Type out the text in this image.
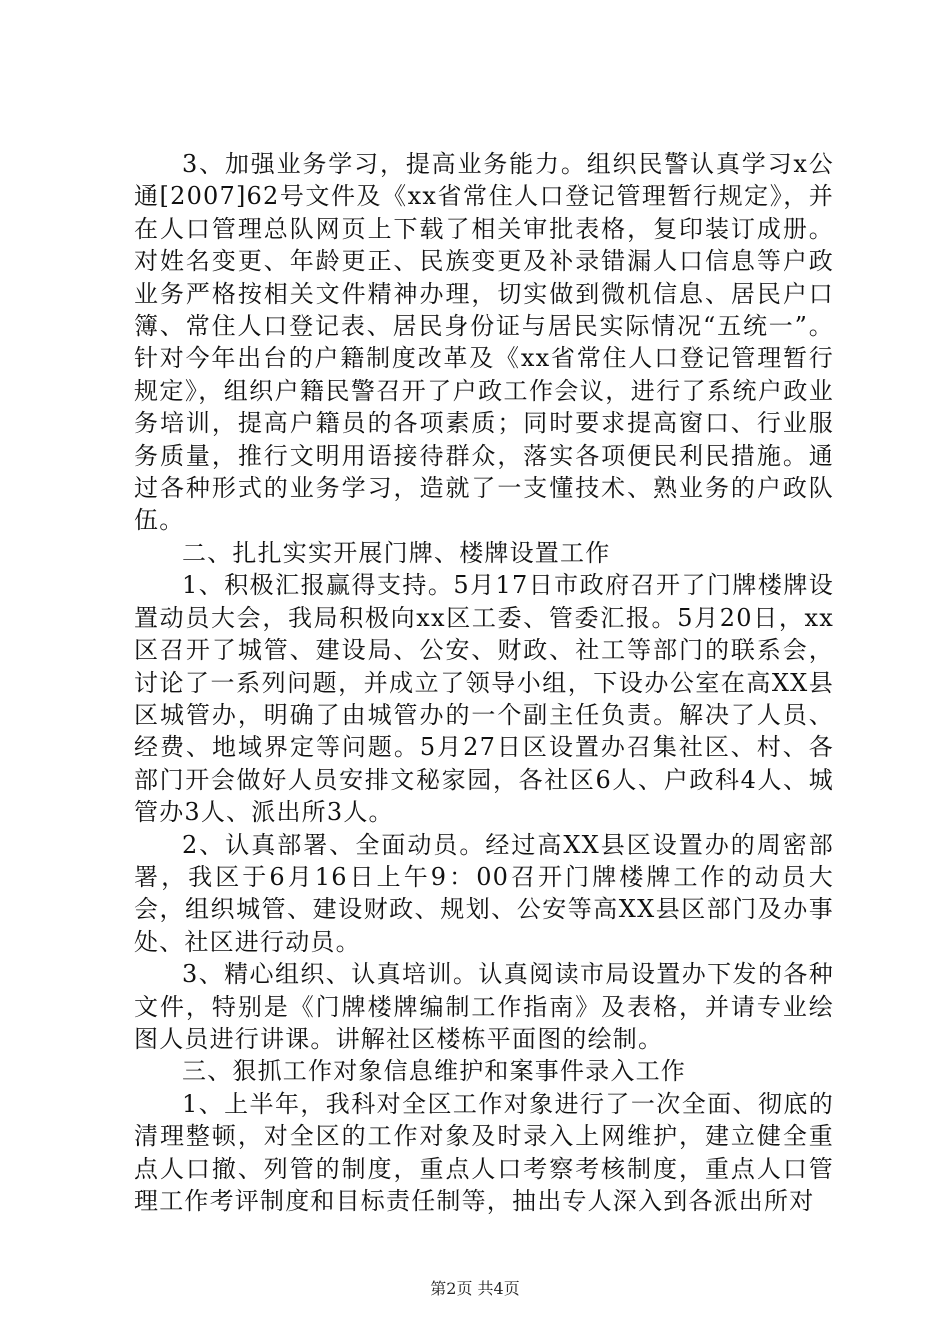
3、加强业务学习，提高业务能力。组织民警认真学习x公通[2007]62号文件及《xx省常住人口登记管理暂行规定》，并在人口管理总队网页上下载了相关审批表格，复印装订成册。对姓名变更、年龄更正、民族变更及补录错漏人口信息等户政业务严格按相关文件精神办理，切实做到微机信息、居民户口簿、常住人口登记表、居民身份证与居民实际情况“五统一”。针对今年出台的户籍制度改革及《xx省常住人口登记管理暂行规定》，组织户籍民警召开了户政工作会议，进行了系统户政业务培训，提高户籍员的各项素质；同时要求提高窗口、行业服务质量，推行文明用语接待群众，落实各项便民利民措施。通过各种形式的业务学习，造就了一支懂技术、熟业务的户政队伍。

二、扎扎实实开展门牌、楼牌设置工作

1、积极汇报赢得支持。5月17日市政府召开了门牌楼牌设置动员大会，我局积极向xx区工委、管委汇报。5月20日，xx区召开了城管、建设局、公安、财政、社工等部门的联系会，讨论了一系列问题，并成立了领导小组，下设办公室在高XX县区城管办，明确了由城管办的一个副主任负责。解决了人员、经费、地域界定等问题。5月27日区设置办召集社区、村、各部门开会做好人员安排文秘家园，各社区6人、户政科4人、城管办3人、派出所3人。

2、认真部署、全面动员。经过高XX县区设置办的周密部署，我区于6月16日上午9：00召开门牌楼牌工作的动员大会，组织城管、建设财政、规划、公安等高XX县区部门及办事处、社区进行动员。

3、精心组织、认真培训。认真阅读市局设置办下发的各种文件，特别是《门牌楼牌编制工作指南》及表格，并请专业绘图人员进行讲课。讲解社区楼栋平面图的绘制。

三、狠抓工作对象信息维护和案事件录入工作

1、上半年，我科对全区工作对象进行了一次全面、彻底的清理整顿，对全区的工作对象及时录入上网维护，建立健全重点人口撤、列管的制度，重点人口考察考核制度，重点人口管理工作考评制度和目标责任制等，抽出专人深入到各派出所对

第2页 共4页
